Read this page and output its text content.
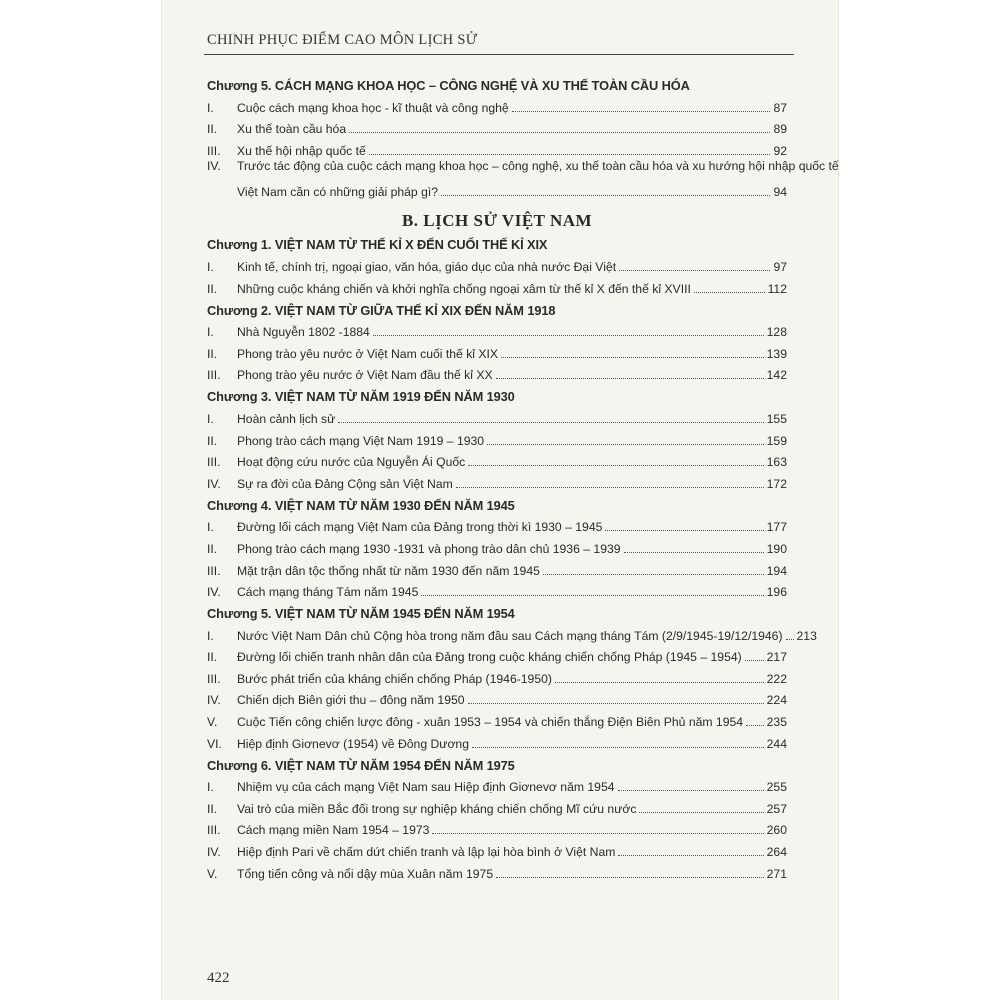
CHINH PHỤC ĐIỂM CAO MÔN LỊCH SỬ
Chương 5. CÁCH MẠNG KHOA HỌC – CÔNG NGHỆ VÀ XU THẾ TOÀN CẦU HÓA
I.	Cuộc cách mạng khoa học - kĩ thuật và công nghệ	87
II.	Xu thế toàn cầu hóa	89
III.	Xu thế hội nhập quốc tế	92
IV.	Trước tác động của cuộc cách mạng khoa học – công nghệ, xu thế toàn cầu hóa và xu hướng hội nhập quốc tế
Việt Nam cần có những giải pháp gì?	94
B. LỊCH SỬ VIỆT NAM
Chương 1. VIỆT NAM TỪ THẾ KỈ X ĐẾN CUỐI THẾ KỈ XIX
I.	Kinh tế, chính trị, ngoại giao, văn hóa, giáo dục của nhà nước Đại Việt	97
II.	Những cuộc kháng chiến và khởi nghĩa chống ngoại xâm từ thế kỉ X đến thế kỉ XVIII	112
Chương 2. VIỆT NAM TỪ GIỮA THẾ KỈ XIX ĐẾN NĂM 1918
I.	Nhà Nguyễn 1802 -1884	128
II.	Phong trào yêu nước ở Việt Nam cuối thế kỉ XIX	139
III.	Phong trào yêu nước ở Việt Nam đầu thế kỉ XX	142
Chương 3. VIỆT NAM TỪ NĂM 1919 ĐẾN NĂM 1930
I.	Hoàn cảnh lịch sử	155
II.	Phong trào cách mạng Việt Nam 1919 – 1930	159
III.	Hoạt động cứu nước của Nguyễn Ái Quốc	163
IV.	Sự ra đời của Đảng Cộng sản Việt Nam	172
Chương 4. VIỆT NAM TỪ NĂM 1930 ĐẾN NĂM 1945
I.	Đường lối cách mạng Việt Nam của Đảng trong thời kì 1930 – 1945	177
II.	Phong trào cách mạng 1930 -1931 và phong trào dân chủ 1936 – 1939	190
III.	Mặt trận dân tộc thống nhất từ năm 1930 đến năm 1945	194
IV.	Cách mạng tháng Tám năm 1945	196
Chương 5. VIỆT NAM TỪ NĂM 1945 ĐẾN NĂM 1954
I.	Nước Việt Nam Dân chủ Cộng hòa trong năm đầu sau Cách mạng tháng Tám (2/9/1945-19/12/1946) 213
II.	Đường lối chiến tranh nhân dân của Đảng trong cuộc kháng chiến chống Pháp (1945 – 1954) 217
III.	Bước phát triển của kháng chiến chống Pháp (1946-1950)	222
IV.	Chiến dịch Biên giới thu – đông năm 1950	224
V.	Cuộc Tiến công chiến lược đông - xuân 1953 – 1954 và chiến thắng Điện Biên Phủ năm 1954 235
VI.	Hiệp định Giơnevơ (1954) về Đông Dương	244
Chương 6. VIỆT NAM TỪ NĂM 1954 ĐẾN NĂM 1975
I.	Nhiệm vụ của cách mạng Việt Nam sau Hiệp định Giơnevơ năm 1954	255
II.	Vai trò của miền Bắc đối trong sự nghiệp kháng chiến chống Mĩ cứu nước	257
III.	Cách mạng miền Nam 1954 – 1973	260
IV.	Hiệp định Pari về chấm dứt chiến tranh và lập lại hòa bình ở Việt Nam	264
V.	Tổng tiến công và nổi dậy mùa Xuân năm 1975	271
422
